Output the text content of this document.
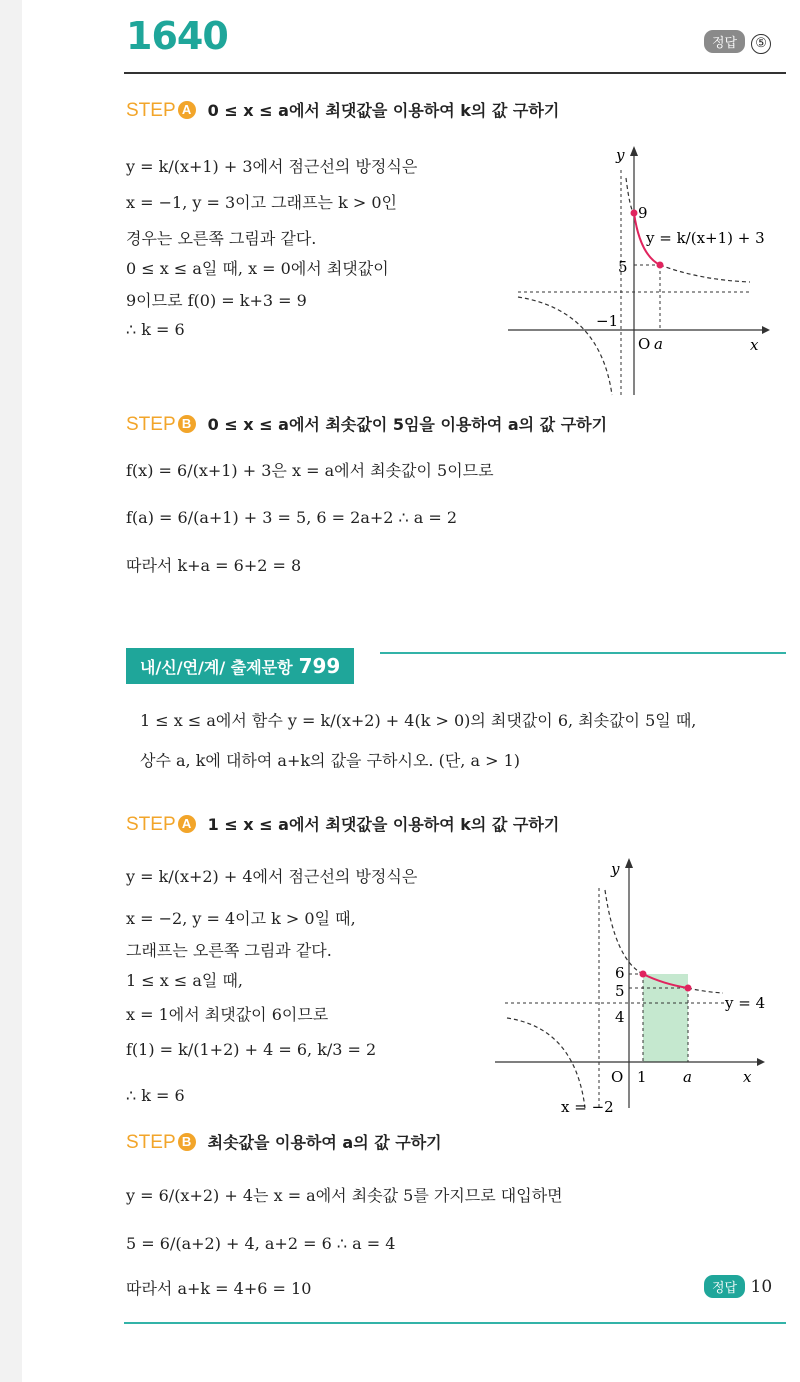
1640	정답 ⑤
STEP A 0 ≤ x ≤ a에서 최댓값을 이용하여 k의 값 구하기
y = k/(x+1) + 3에서 점근선의 방정식은
x = −1, y = 3이고 그래프는 k > 0인
경우는 오른쪽 그림과 같다.
0 ≤ x ≤ a일 때, x = 0에서 최댓값이
9이므로 f(0) = k+3 = 9
∴ k = 6
y
x
O a
9
5
−1
y = k/(x+1) + 3
STEP B 0 ≤ x ≤ a에서 최솟값이 5임을 이용하여 a의 값 구하기
f(x) = 6/(x+1) + 3은 x = a에서 최솟값이 5이므로
f(a) = 6/(a+1) + 3 = 5, 6 = 2a+2 ∴ a = 2
따라서 k+a = 6+2 = 8
내/신/연/계/ 출제문항 799
1 ≤ x ≤ a에서 함수 y = k/(x+2) + 4(k > 0)의 최댓값이 6, 최솟값이 5일 때,
상수 a, k에 대하여 a+k의 값을 구하시오. (단, a > 1)
STEP A 1 ≤ x ≤ a에서 최댓값을 이용하여 k의 값 구하기
y = k/(x+2) + 4에서 점근선의 방정식은
x = −2, y = 4이고 k > 0일 때,
그래프는 오른쪽 그림과 같다.
1 ≤ x ≤ a일 때,
x = 1에서 최댓값이 6이므로
f(1) = k/(1+2) + 4 = 6, k/3 = 2
∴ k = 6
y
x
O 1 a
6
5
4
y = 4
x = −2
STEP B 최솟값을 이용하여 a의 값 구하기
y = 6/(x+2) + 4는 x = a에서 최솟값 5를 가지므로 대입하면
5 = 6/(a+2) + 4, a+2 = 6 ∴ a = 4
따라서 a+k = 4+6 = 10	정답 10
